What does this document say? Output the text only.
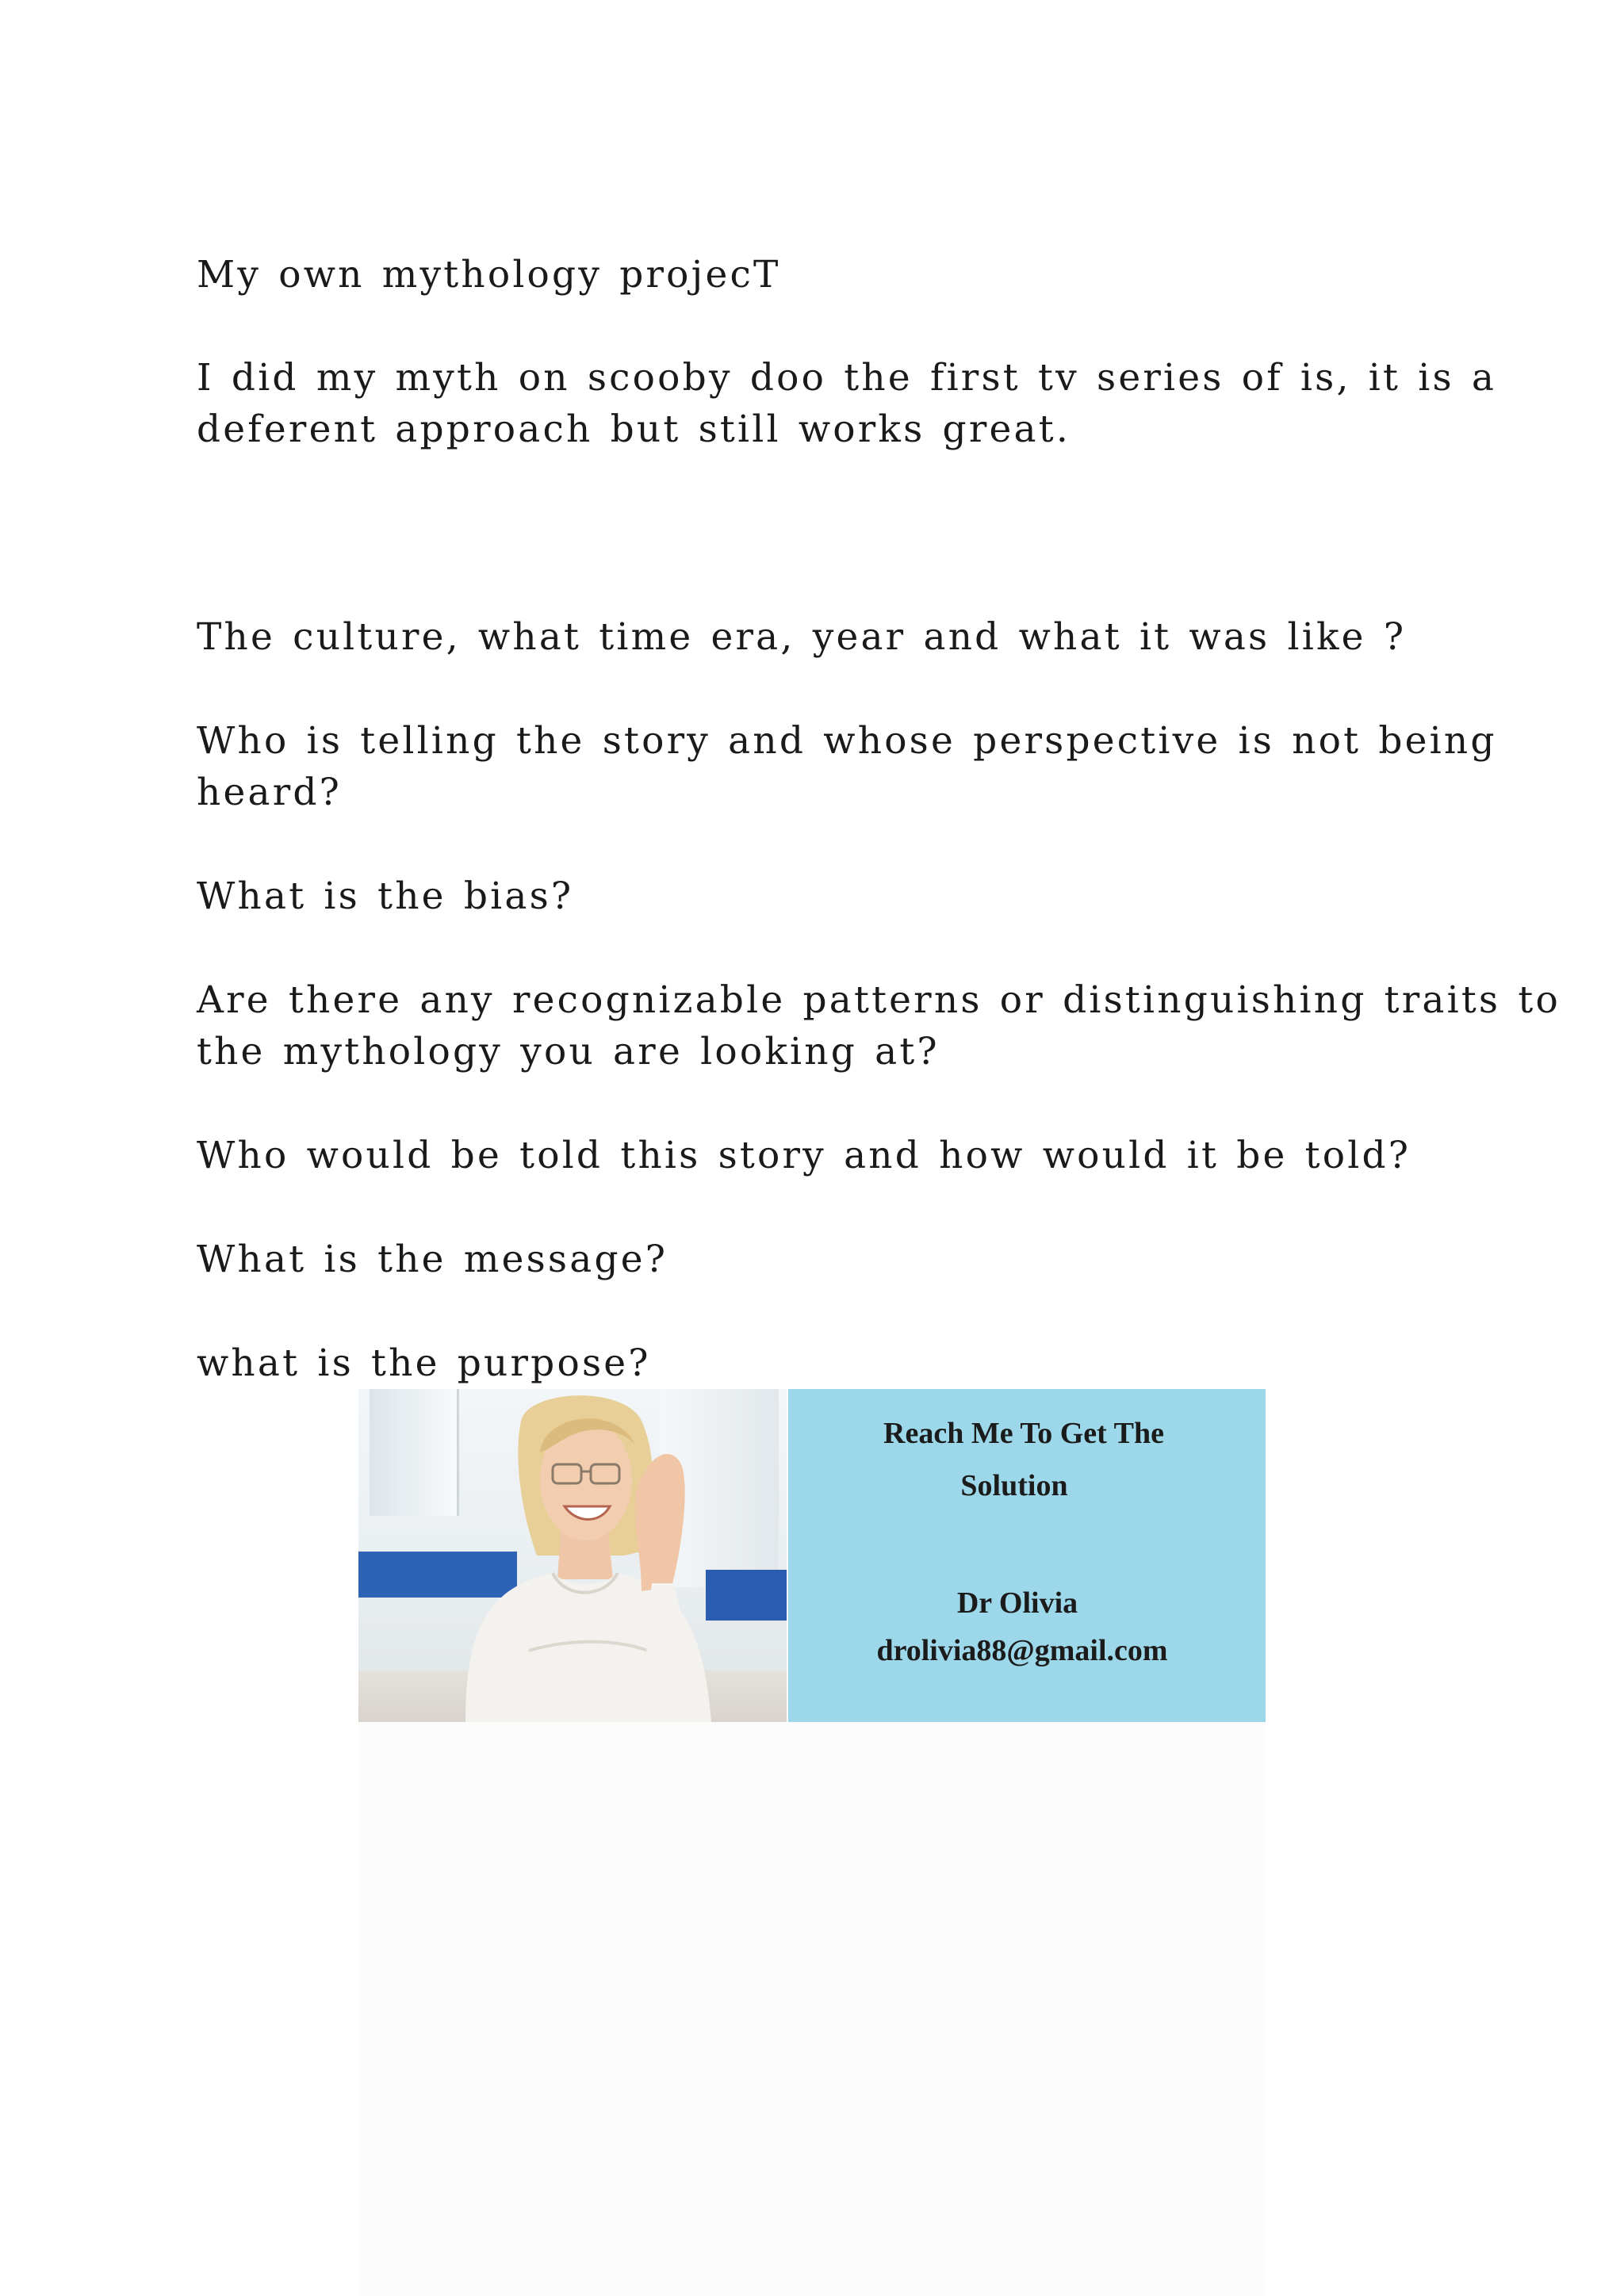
My own mythology projecT
I did my myth on scooby doo the first tv series of is, it is a
deferent approach but still works great.
The culture, what time era, year and what it was like ?
Who is telling the story and whose perspective is not being
heard?
What is the bias?
Are there any recognizable patterns or distinguishing traits to
the mythology you are looking at?
Who would be told this story and how would it be told?
What is the message?
what is the purpose?
Reach Me To Get The
Solution
Dr Olivia
drolivia88@gmail.com
